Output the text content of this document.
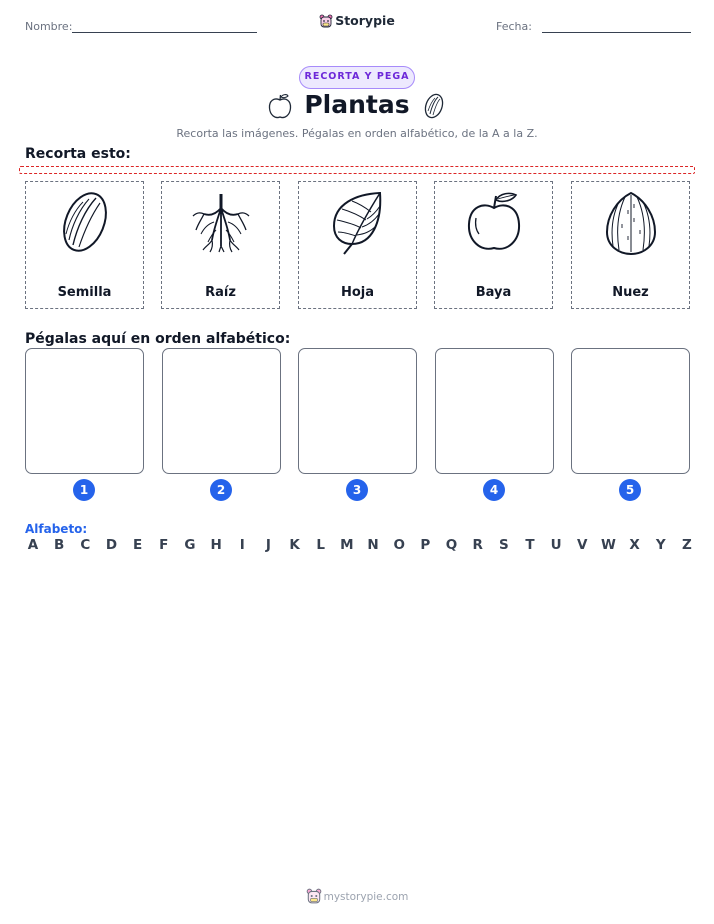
Nombre:	Storypie	Fecha:
RECORTA Y PEGA
Plantas
Recorta las imágenes. Pégalas en orden alfabético, de la A a la Z.
Recorta esto:
Semilla	Raíz	Hoja	Baya	Nuez
Pégalas aquí en orden alfabético:
1	2	3	4	5
Alfabeto:
A B C D E F G H	I	J	K L M N O P Q R S T U V W X Y Z
mystorypie.com
